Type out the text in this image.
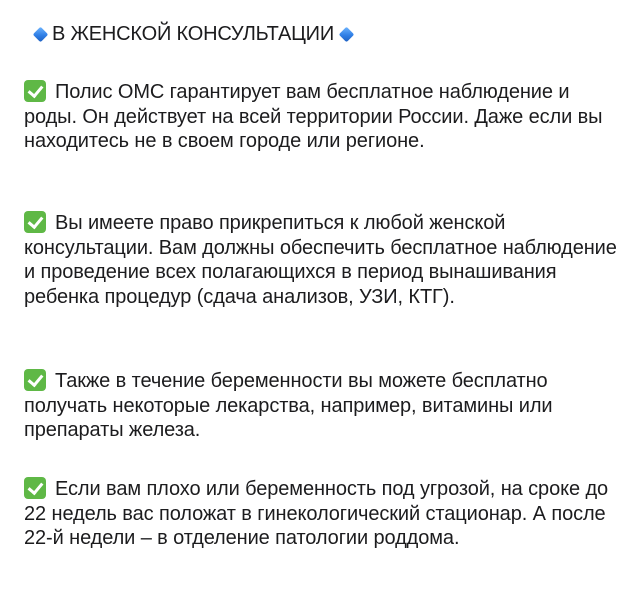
В ЖЕНСКОЙ КОНСУЛЬТАЦИИ

Полис ОМС гарантирует вам бесплатное наблюдение и роды. Он действует на всей территории России. Даже если вы находитесь не в своем городе или регионе.

Вы имеете право прикрепиться к любой женской консультации. Вам должны обеспечить бесплатное наблюдение и проведение всех полагающихся в период вынашивания ребенка процедур (сдача анализов, УЗИ, КТГ).

Также в течение беременности вы можете бесплатно получать некоторые лекарства, например, витамины или препараты железа.

Если вам плохо или беременность под угрозой, на сроке до 22 недель вас положат в гинекологический стационар. А после 22-й недели – в отделение патологии роддома.
